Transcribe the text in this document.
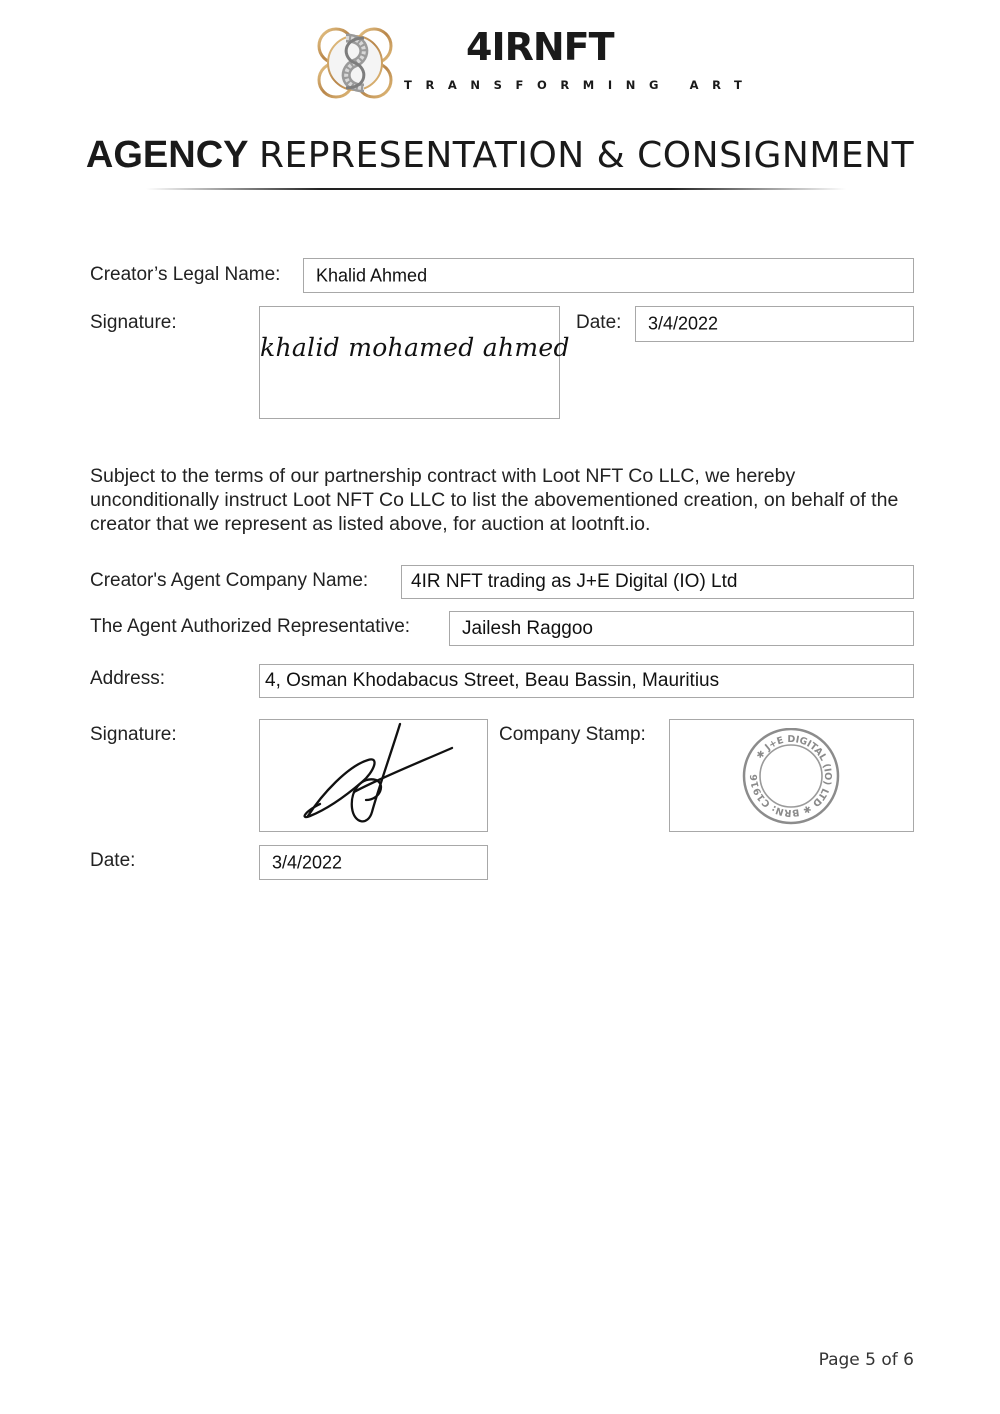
4IRNFT
TRANSFORMING ART
AGENCY REPRESENTATION & CONSIGNMENT
Creator’s Legal Name: Khalid Ahmed
Signature:
khalid mohamed ahmed
Date: 3/4/2022
Subject to the terms of our partnership contract with Loot NFT Co LLC, we hereby unconditionally instruct Loot NFT Co LLC to list the abovementioned creation, on behalf of the creator that we represent as listed above, for auction at lootnft.io.
Creator's Agent Company Name: 4IR NFT trading as J+E Digital (IO) Ltd
The Agent Authorized Representative:	Jailesh Raggoo
Address:	4, Osman Khodabacus Street, Beau Bassin, Mauritius
Signature:	Company Stamp:
✱ J+E DIGITAL (IO) LTD ✱ BRN: C1916
Date:	3/4/2022
Page 5 of 6
